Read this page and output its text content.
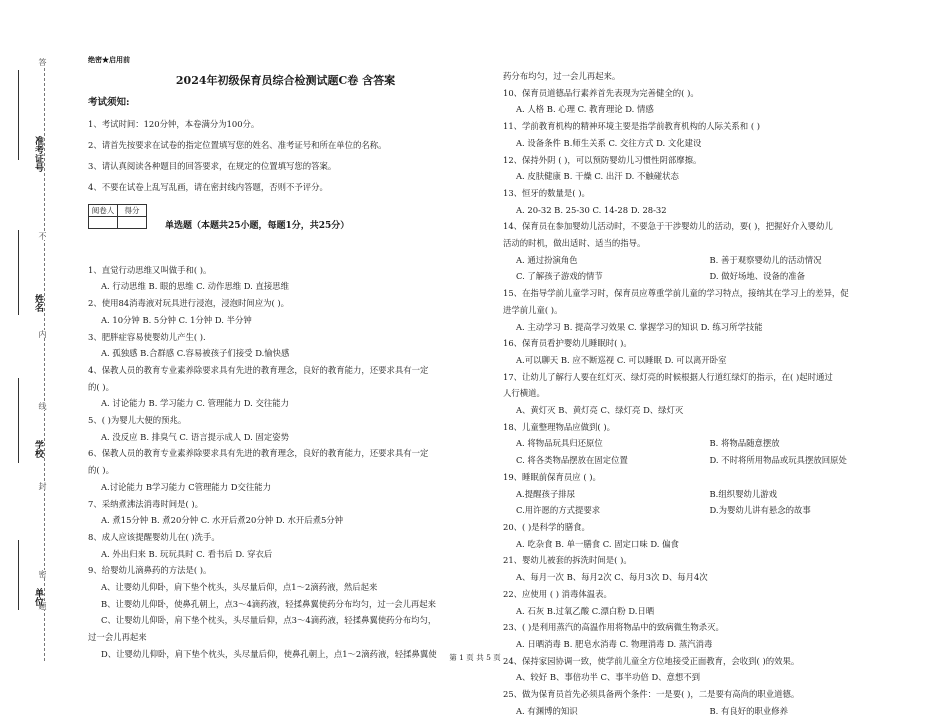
答
不
内
线
封
密
题
准考证号
姓名
学校
单位
绝密★启用前
2024年初级保育员综合检测试题C卷 含答案
考试须知:

1、考试时间：120分钟，本卷满分为100分。

2、请首先按要求在试卷的指定位置填写您的姓名、准考证号和所在单位的名称。

3、请认真阅读各种题目的回答要求，在规定的位置填写您的答案。

4、不要在试卷上乱写乱画，请在密封线内答题，否则不予评分。

阅卷人	得分

单选题（本题共25小题，每题1分，共25分）
1、直觉行动思维又叫做手和( )。
A. 行动思维 B. 眼的思维 C. 动作思维 D. 直接思维
2、使用84消毒液对玩具进行浸泡，浸泡时间应为( )。
A. 10分钟 B. 5分钟 C. 1分钟 D. 半分钟
3、肥胖症容易使婴幼儿产生( ).
A. 孤独感 B.合群感 C.容易被孩子们接受 D.愉快感
4、保教人员的教育专业素养除要求具有先进的教育理念，良好的教育能力，还要求具有一定
的( )。
A. 讨论能力 B. 学习能力 C. 管理能力 D. 交往能力
5、( )为婴儿大便的预兆。
A. 没反应 B. 排臭气 C. 语言提示成人 D. 固定姿势
6、保教人员的教育专业素养除要求具有先进的教育理念，良好的教育能力，还要求具有一定
的( )。
A.讨论能力 B学习能力 C管理能力 D交往能力
7、采纳煮沸法消毒时间是( )。
A. 煮15分钟 B. 煮20分钟 C. 水开后煮20分钟 D. 水开后煮5分钟
8、成人应该提醒婴幼儿在( )洗手。
A. 外出归来 B. 玩玩具时 C. 看书后 D. 穿衣后
9、给婴幼儿滴鼻药的方法是( )。
A、让婴幼儿仰卧，肩下垫个枕头，头尽量后仰，点1～2滴药液，然后起来
B、让婴幼儿仰卧，使鼻孔朝上，点3～4滴药液，轻揉鼻翼使药分布均匀，过一会儿再起来
C、让婴幼儿仰卧，肩下垫个枕头，头尽量后仰，点3～4滴药液，轻揉鼻翼使药分布均匀，
过一会儿再起来
D、让婴幼儿仰卧，肩下垫个枕头，头尽量后仰，使鼻孔朝上，点1～2滴药液，轻揉鼻翼使
药分布均匀，过一会儿再起来。
10、保育员道德品行素养首先表现为完善健全的( )。
A. 人格 B. 心理 C. 教育理论 D. 情感
11、学前教育机构的精神环境主要是指学前教育机构的人际关系和 ( )
A. 设备条件 B.师生关系 C. 交往方式 D. 文化建设
12、保持外阴 ( )，可以预防婴幼儿习惯性阴部摩擦。
A. 皮肤健康 B. 干燥 C. 出汗 D. 不触碰状态
13、恒牙的数量是( )。
A. 20-32 B. 25-30 C. 14-28 D. 28-32
14、保育员在参加婴幼儿活动时，不要急于干涉婴幼儿的活动，要( )，把握好介入婴幼儿
活动的时机，做出适时、适当的指导。
A. 通过扮演角色	B. 善于观察婴幼儿的活动情况
C. 了解孩子游戏的情节	D. 做好场地、设备的准备
15、在指导学前儿童学习时，保育员应尊重学前儿童的学习特点，接纳其在学习上的差异，促
进学前儿童( )。
A. 主动学习 B. 提高学习效果 C. 掌握学习的知识 D. 练习所学技能
16、保育员看护婴幼儿睡眠时( )。
A.可以聊天 B. 应不断巡视 C. 可以睡眠 D. 可以离开卧室
17、让幼儿了解行人要在红灯灭、绿灯亮的时候根据人行道红绿灯的指示，在( )起时通过
人行横道。
A、黄灯灭 B、黄灯亮 C、绿灯亮 D、绿灯灭
18、儿童整理物品应做到( )。
A. 将物品玩具归还原位	B. 将物品随意摆放
C. 将各类物品摆放在固定位置	D. 不时将所用物品或玩具摆放回原处
19、睡眠前保育员应 ( )。
A.提醒孩子排尿	B.组织婴幼儿游戏
C.用许愿的方式提要求	D.为婴幼儿讲有悬念的故事
20、( )是科学的膳食。
A. 吃杂食 B. 单一膳食 C. 固定口味 D. 偏食
21、婴幼儿被套的拆洗时间是( )。
A、每月一次 B、每月2次 C、每月3次 D、每月4次
22、应使用 ( ) 消毒体温表。
A. 石灰 B.过氧乙酸 C.漂白粉 D.日晒
23、( )是利用蒸汽的高温作用将物品中的致病微生物杀灭。
A. 日晒消毒 B. 肥皂水消毒 C. 物理消毒 D. 蒸汽消毒
24、保持家园协调一致，使学前儿童全方位地接受正面教育，会收到( )的效果。
A、较好 B、事倍功半 C、事半功倍 D、意想不到
25、做为保育员首先必须具备两个条件：一是要( )，二是要有高尚的职业道德。
A. 有渊博的知识	B. 有良好的职业修养
第 1 页 共 5 页
